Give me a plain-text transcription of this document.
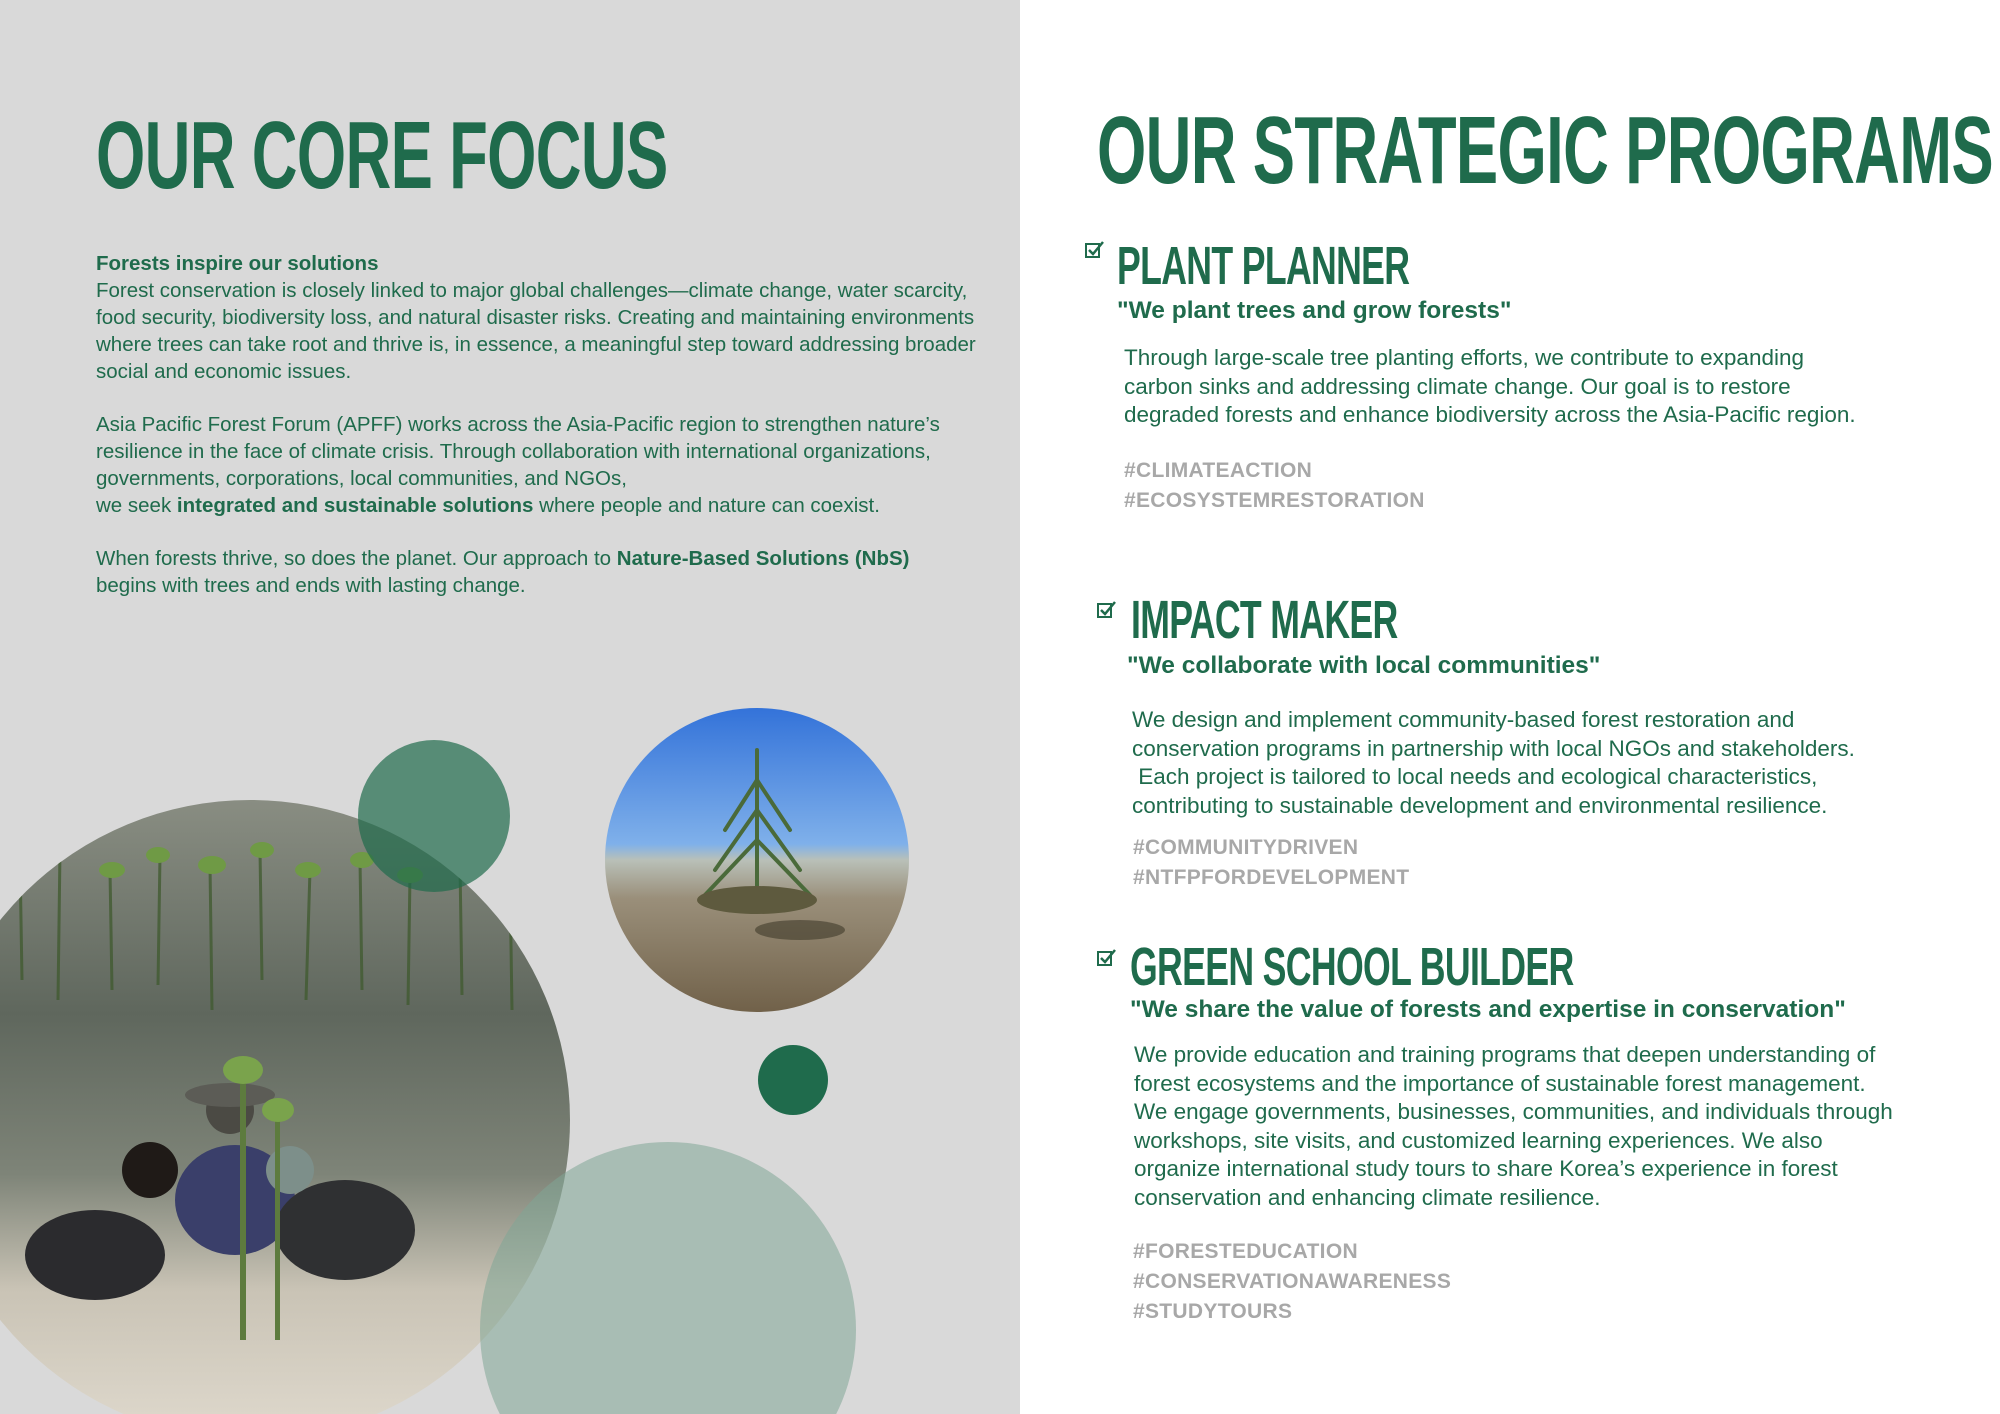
OUR CORE FOCUS

Forests inspire our solutions
Forest conservation is closely linked to major global challenges—climate change, water scarcity, food security, biodiversity loss, and natural disaster risks. Creating and maintaining environments where trees can take root and thrive is, in essence, a meaningful step toward addressing broader social and economic issues.

Asia Pacific Forest Forum (APFF) works across the Asia-Pacific region to strengthen nature’s resilience in the face of climate crisis. Through collaboration with international organizations, governments, corporations, local communities, and NGOs,
we seek integrated and sustainable solutions where people and nature can coexist.

When forests thrive, so does the planet. Our approach to Nature-Based Solutions (NbS)
begins with trees and ends with lasting change.

OUR STRATEGIC PROGRAMS
PLANT PLANNER
"We plant trees and grow forests"

Through large-scale tree planting efforts, we contribute to expanding

carbon sinks and addressing climate change. Our goal is to restore

degraded forests and enhance biodiversity across the Asia-Pacific region.

#CLIMATEACTION
#ECOSYSTEMRESTORATION
IMPACT MAKER
"We collaborate with local communities"

We design and implement community-based forest restoration and

conservation programs in partnership with local NGOs and stakeholders.

Each project is tailored to local needs and ecological characteristics,

contributing to sustainable development and environmental resilience.

#COMMUNITYDRIVEN
#NTFPFORDEVELOPMENT
GREEN SCHOOL BUILDER
"We share the value of forests and expertise in conservation"

We provide education and training programs that deepen understanding of

forest ecosystems and the importance of sustainable forest management.

We engage governments, businesses, communities, and individuals through

workshops, site visits, and customized learning experiences. We also

organize international study tours to share Korea’s experience in forest

conservation and enhancing climate resilience.

#FORESTEDUCATION
#CONSERVATIONAWARENESS
#STUDYTOURS
